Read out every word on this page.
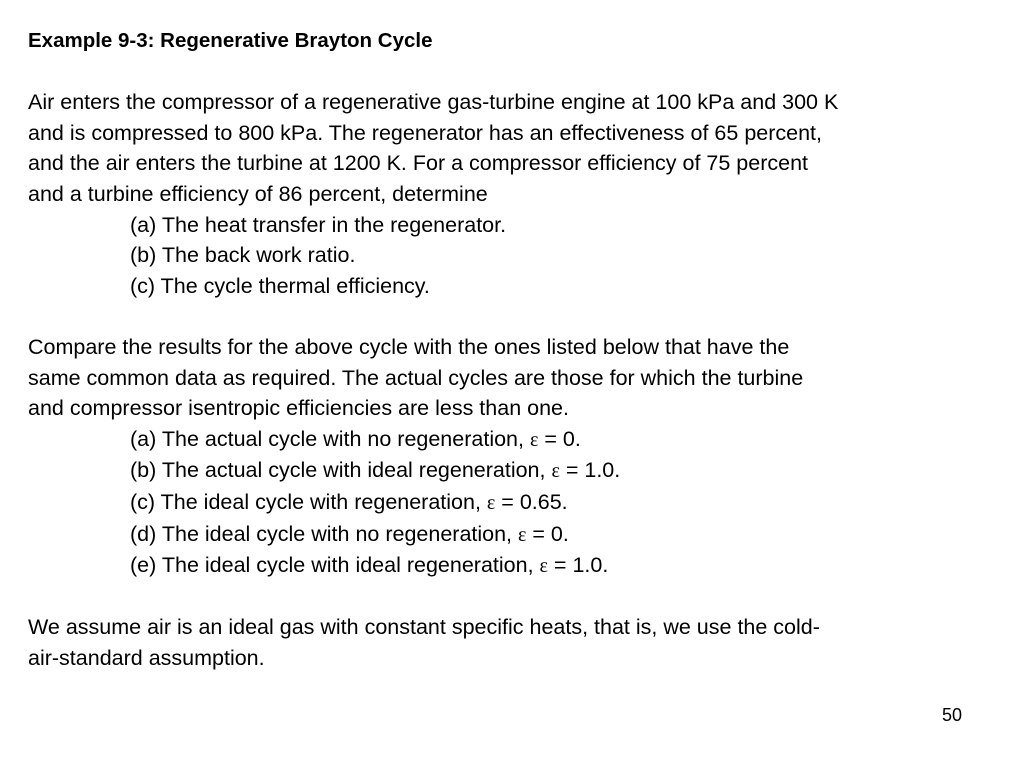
Example 9-3: Regenerative Brayton Cycle

Air enters the compressor of a regenerative gas-turbine engine at 100 kPa and 300 K

and is compressed to 800 kPa. The regenerator has an effectiveness of 65 percent,

and the air enters the turbine at 1200 K. For a compressor efficiency of 75 percent

and a turbine efficiency of 86 percent, determine

(a) The heat transfer in the regenerator.

(b) The back work ratio.

(c) The cycle thermal efficiency.

Compare the results for the above cycle with the ones listed below that have the

same common data as required. The actual cycles are those for which the turbine

and compressor isentropic efficiencies are less than one.

(a) The actual cycle with no regeneration, ε = 0.

(b) The actual cycle with ideal regeneration, ε = 1.0.

(c) The ideal cycle with regeneration, ε = 0.65.

(d) The ideal cycle with no regeneration, ε = 0.

(e) The ideal cycle with ideal regeneration, ε = 1.0.

We assume air is an ideal gas with constant specific heats, that is, we use the cold-

air-standard assumption.

50
